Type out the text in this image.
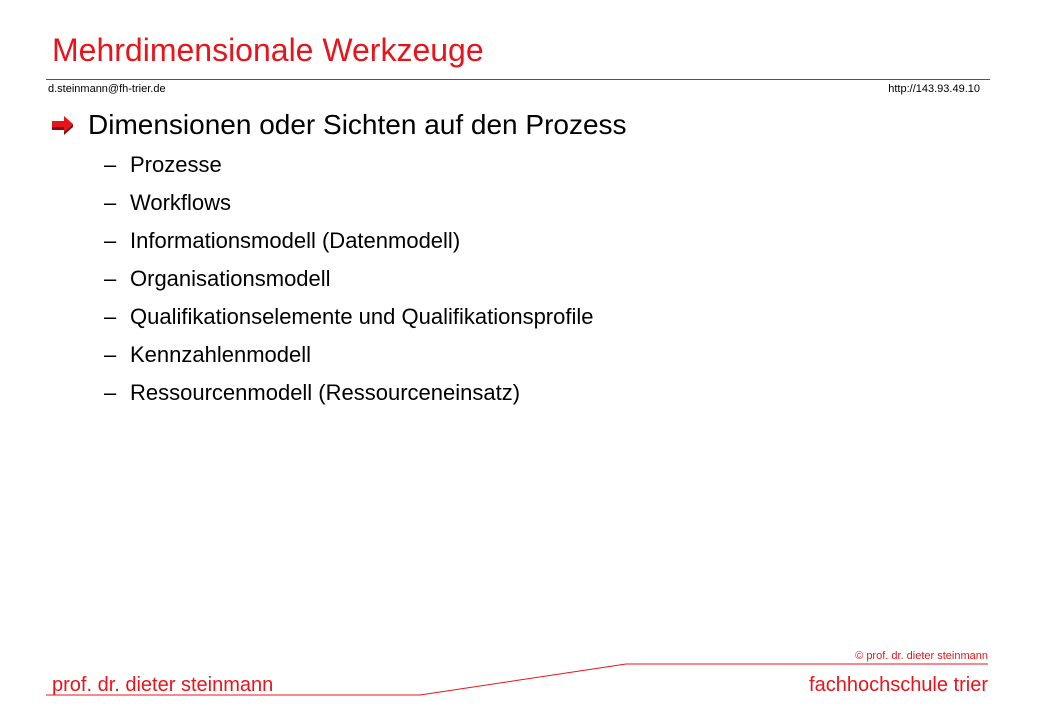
Mehrdimensionale Werkzeuge
d.steinmann@fh-trier.de	http://143.93.49.10
Dimensionen oder Sichten auf den Prozess
– Prozesse
– Workflows
– Informationsmodell (Datenmodell)
– Organisationsmodell
– Qualifikationselemente und Qualifikationsprofile
– Kennzahlenmodell
– Ressourcenmodell (Ressourceneinsatz)
© prof. dr. dieter steinmann
prof. dr. dieter steinmann	fachhochschule trier
